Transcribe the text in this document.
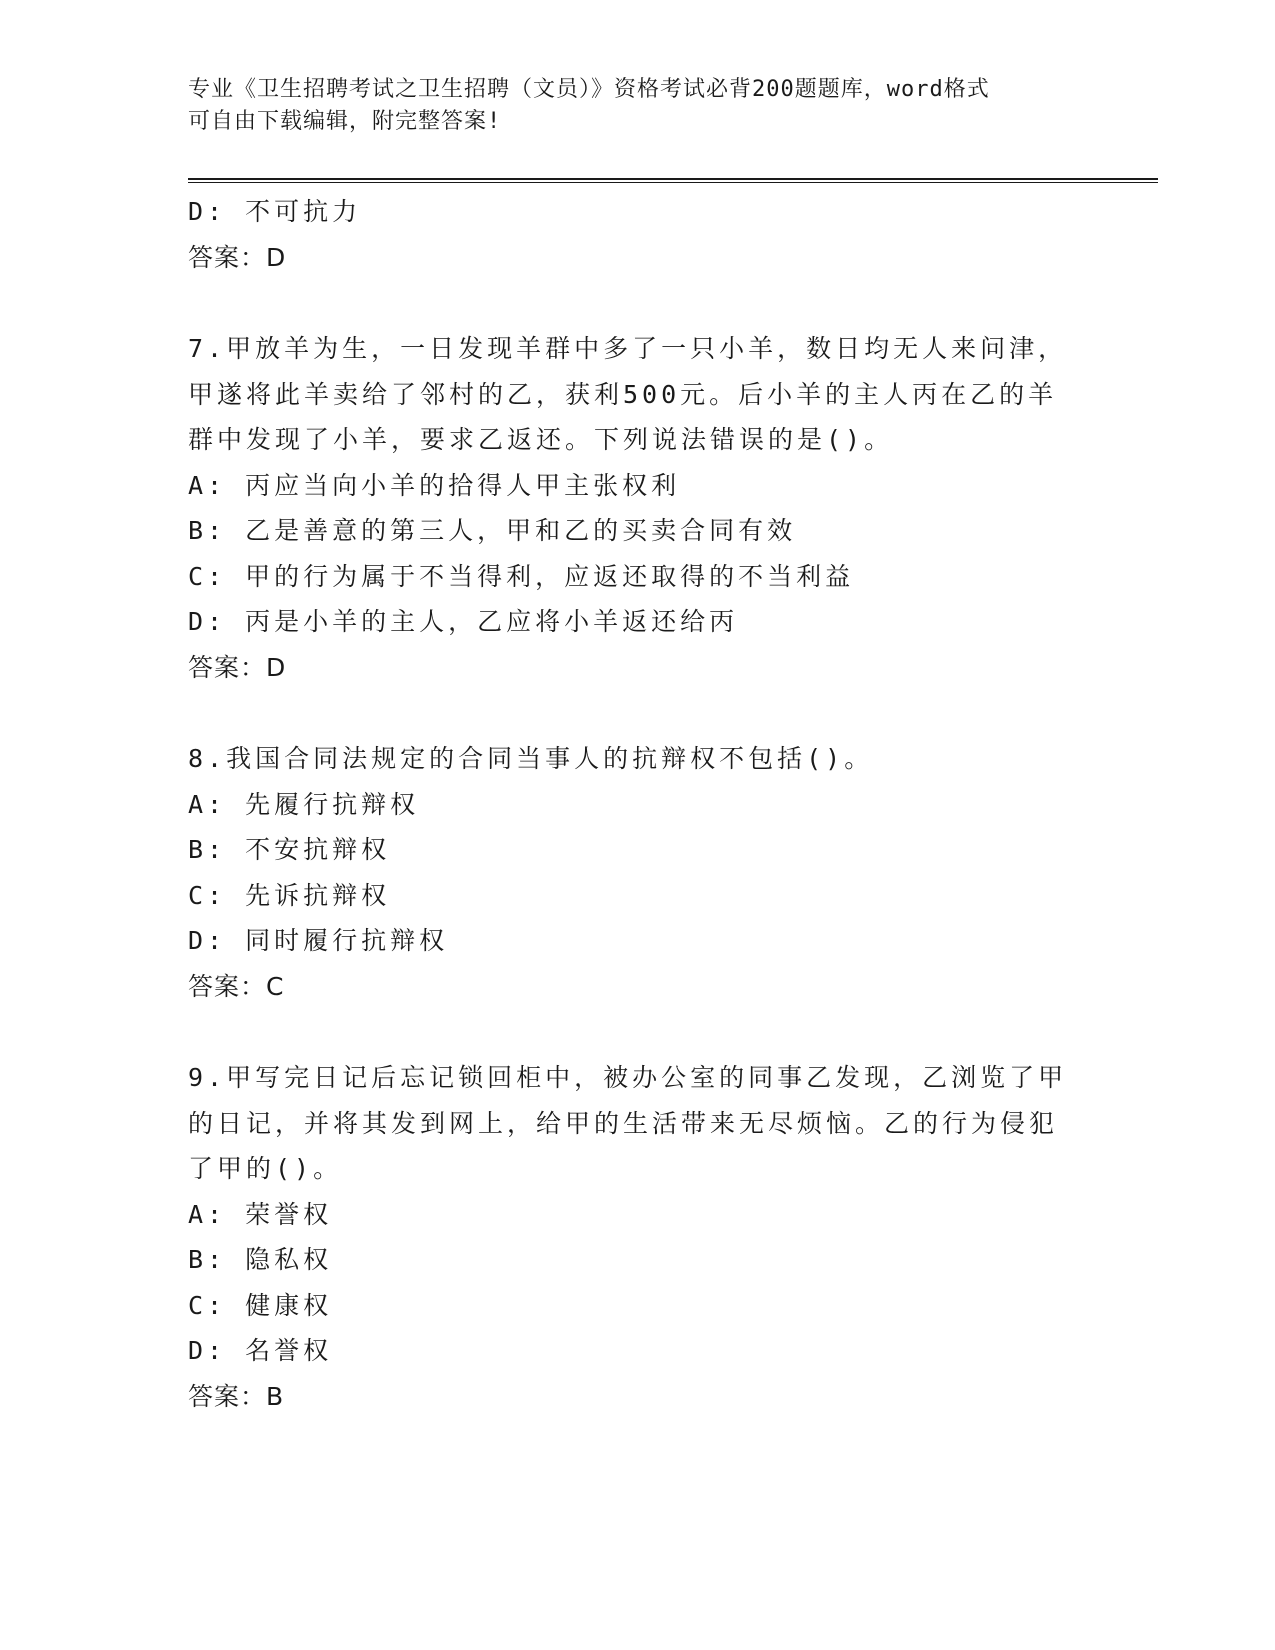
专业《卫生招聘考试之卫生招聘（文员）》资格考试必背200题题库，word格式
可自由下载编辑，附完整答案!
D: 不可抗力
答案：D
7.甲放羊为生，一日发现羊群中多了一只小羊，数日均无人来问津，
甲遂将此羊卖给了邻村的乙，获利500元。后小羊的主人丙在乙的羊
群中发现了小羊，要求乙返还。下列说法错误的是()。
A: 丙应当向小羊的拾得人甲主张权利
B: 乙是善意的第三人，甲和乙的买卖合同有效
C: 甲的行为属于不当得利，应返还取得的不当利益
D: 丙是小羊的主人，乙应将小羊返还给丙
答案：D
8.我国合同法规定的合同当事人的抗辩权不包括()。
A: 先履行抗辩权
B: 不安抗辩权
C: 先诉抗辩权
D: 同时履行抗辩权
答案：C
9.甲写完日记后忘记锁回柜中，被办公室的同事乙发现，乙浏览了甲
的日记，并将其发到网上，给甲的生活带来无尽烦恼。乙的行为侵犯
了甲的()。
A: 荣誉权
B: 隐私权
C: 健康权
D: 名誉权
答案：B
